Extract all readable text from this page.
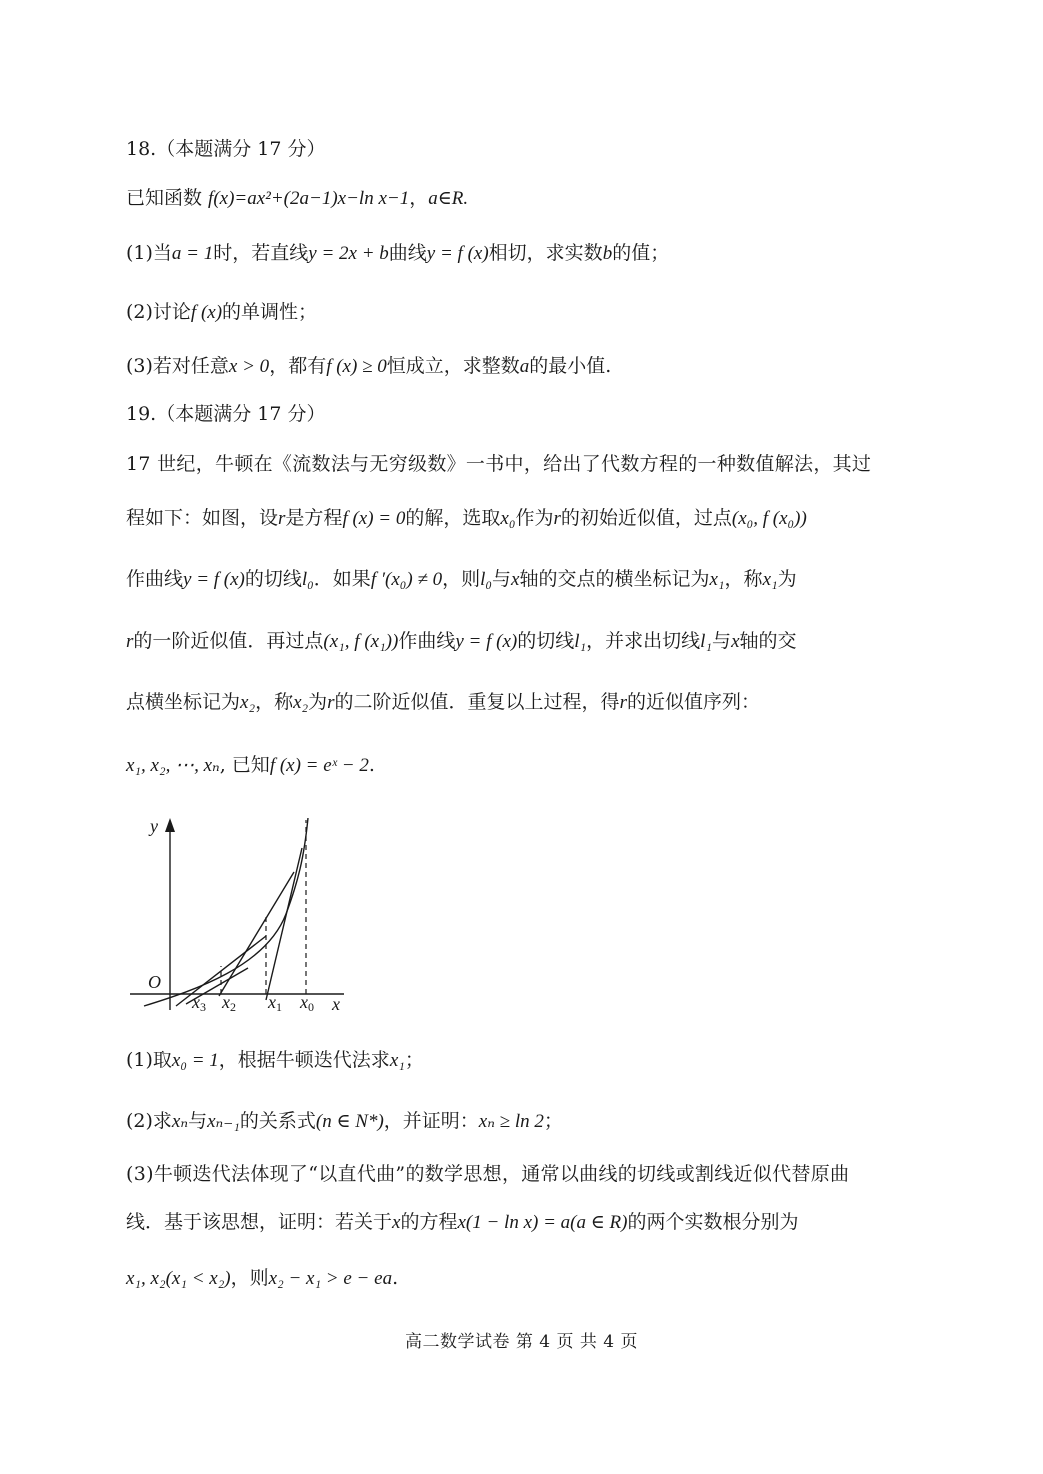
18.（本题满分 17 分）
已知函数 f(x)=ax²+(2a−1)x−ln x−1，a∈R.
(1)当a = 1时，若直线y = 2x + b曲线y = f (x)相切，求实数b的值；
(2)讨论f (x)的单调性；
(3)若对任意x > 0，都有f (x) ≥ 0恒成立，求整数a的最小值.
19.（本题满分 17 分）
17 世纪，牛顿在《流数法与无穷级数》一书中，给出了代数方程的一种数值解法，其过
程如下：如图，设r是方程f (x) = 0的解，选取x₀作为r的初始近似值，过点(x₀, f (x₀))
作曲线y = f (x)的切线l₀．如果f ′(x₀) ≠ 0，则l₀与x轴的交点的横坐标记为x₁，称x₁为
r的一阶近似值．再过点(x₁, f (x₁))作曲线y = f (x)的切线l₁，并求出切线l₁与x轴的交
点横坐标记为x₂，称x₂为r的二阶近似值．重复以上过程，得r的近似值序列：
x₁, x₂, ⋯, xₙ, 已知f (x) = eˣ − 2.
y
x
O
x3 x2 x1 x0
(1)取x₀ = 1，根据牛顿迭代法求x₁；
(2)求xₙ与xₙ₋₁的关系式(n ∈ N*)，并证明：xₙ ≥ ln 2；
(3)牛顿迭代法体现了“以直代曲”的数学思想，通常以曲线的切线或割线近似代替原曲
线．基于该思想，证明：若关于x的方程x(1 − ln x) = a(a ∈ R)的两个实数根分别为
x₁, x₂(x₁ < x₂)，则x₂ − x₁ > e − ea.
高二数学试卷 第 4 页 共 4 页
